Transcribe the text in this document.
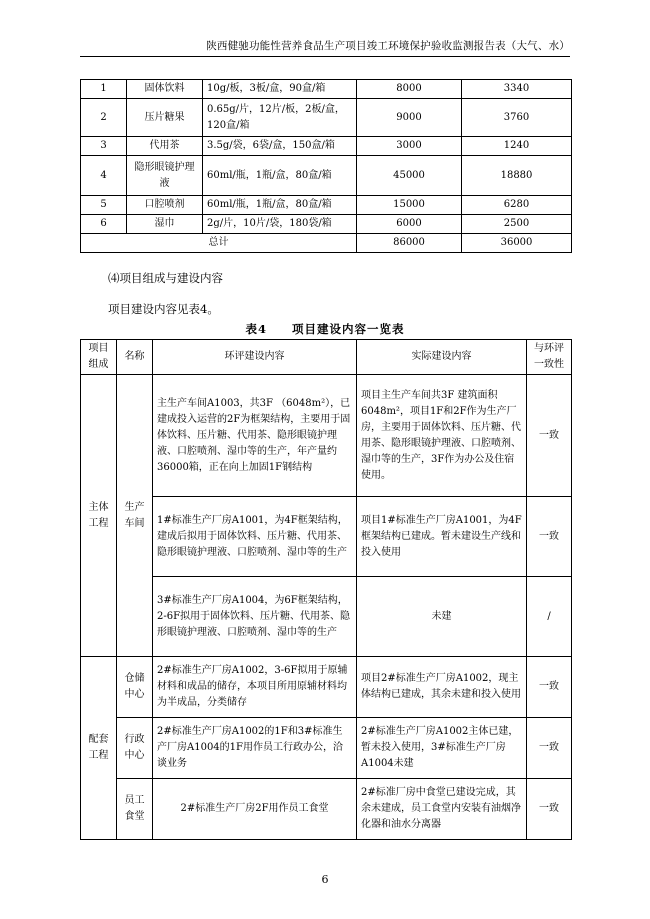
陕西健驰功能性营养食品生产项目竣工环境保护验收监测报告表（大气、水）
1	固体饮料	10g/板，3板/盒，90盒/箱	8000	3340
2	压片糖果	0.65g/片，12片/板，2板/盒，120盒/箱	9000	3760
3	代用茶	3.5g/袋，6袋/盒，150盒/箱	3000	1240
4	隐形眼镜护理液	60ml/瓶，1瓶/盒，80盒/箱	45000	18880
5	口腔喷剂	60ml/瓶，1瓶/盒，80盒/箱	15000	6280
6	湿巾	2g/片，10片/袋，180袋/箱	6000	2500
总计			86000	36000
⑷项目组成与建设内容
项目建设内容见表4。
表4　　项目建设内容一览表
项目组成	名称	环评建设内容	实际建设内容	与环评一致性
主体工程	生产车间	主生产车间A1003，共3F （6048m²），已建成投入运营的2F为框架结构，主要用于固体饮料、压片糖、代用茶、隐形眼镜护理液、口腔喷剂、湿巾等的生产，年产量约36000箱，正在向上加固1F钢结构	项目主生产车间共3F 建筑面积6048m²，项目1F和2F作为生产厂房，主要用于固体饮料、压片糖、代用茶、隐形眼镜护理液、口腔喷剂、湿巾等的生产，3F作为办公及住宿使用。	一致
		1#标准生产厂房A1001，为4F框架结构，建成后拟用于固体饮料、压片糖、代用茶、隐形眼镜护理液、口腔喷剂、湿巾等的生产	项目1#标准生产厂房A1001，为4F框架结构已建成。暂未建设生产线和投入使用	一致
		3#标准生产厂房A1004，为6F框架结构，2-6F拟用于固体饮料、压片糖、代用茶、隐形眼镜护理液、口腔喷剂、湿巾等的生产	未建	/
配套工程	仓储中心	2#标准生产厂房A1002，3-6F拟用于原辅材料和成品的储存，本项目所用原辅材料均为半成品，分类储存	项目2#标准生产厂房A1002，现主体结构已建成，其余未建和投入使用	一致
	行政中心	2#标准生产厂房A1002的1F和3#标准生产厂房A1004的1F用作员工行政办公，洽谈业务	2#标准生产厂房A1002主体已建，暂未投入使用，3#标准生产厂房A1004未建	一致
	员工食堂	2#标准生产厂房2F用作员工食堂	2#标准厂房中食堂已建设完成，其余未建成，员工食堂内安装有油烟净化器和油水分离器	一致
6
